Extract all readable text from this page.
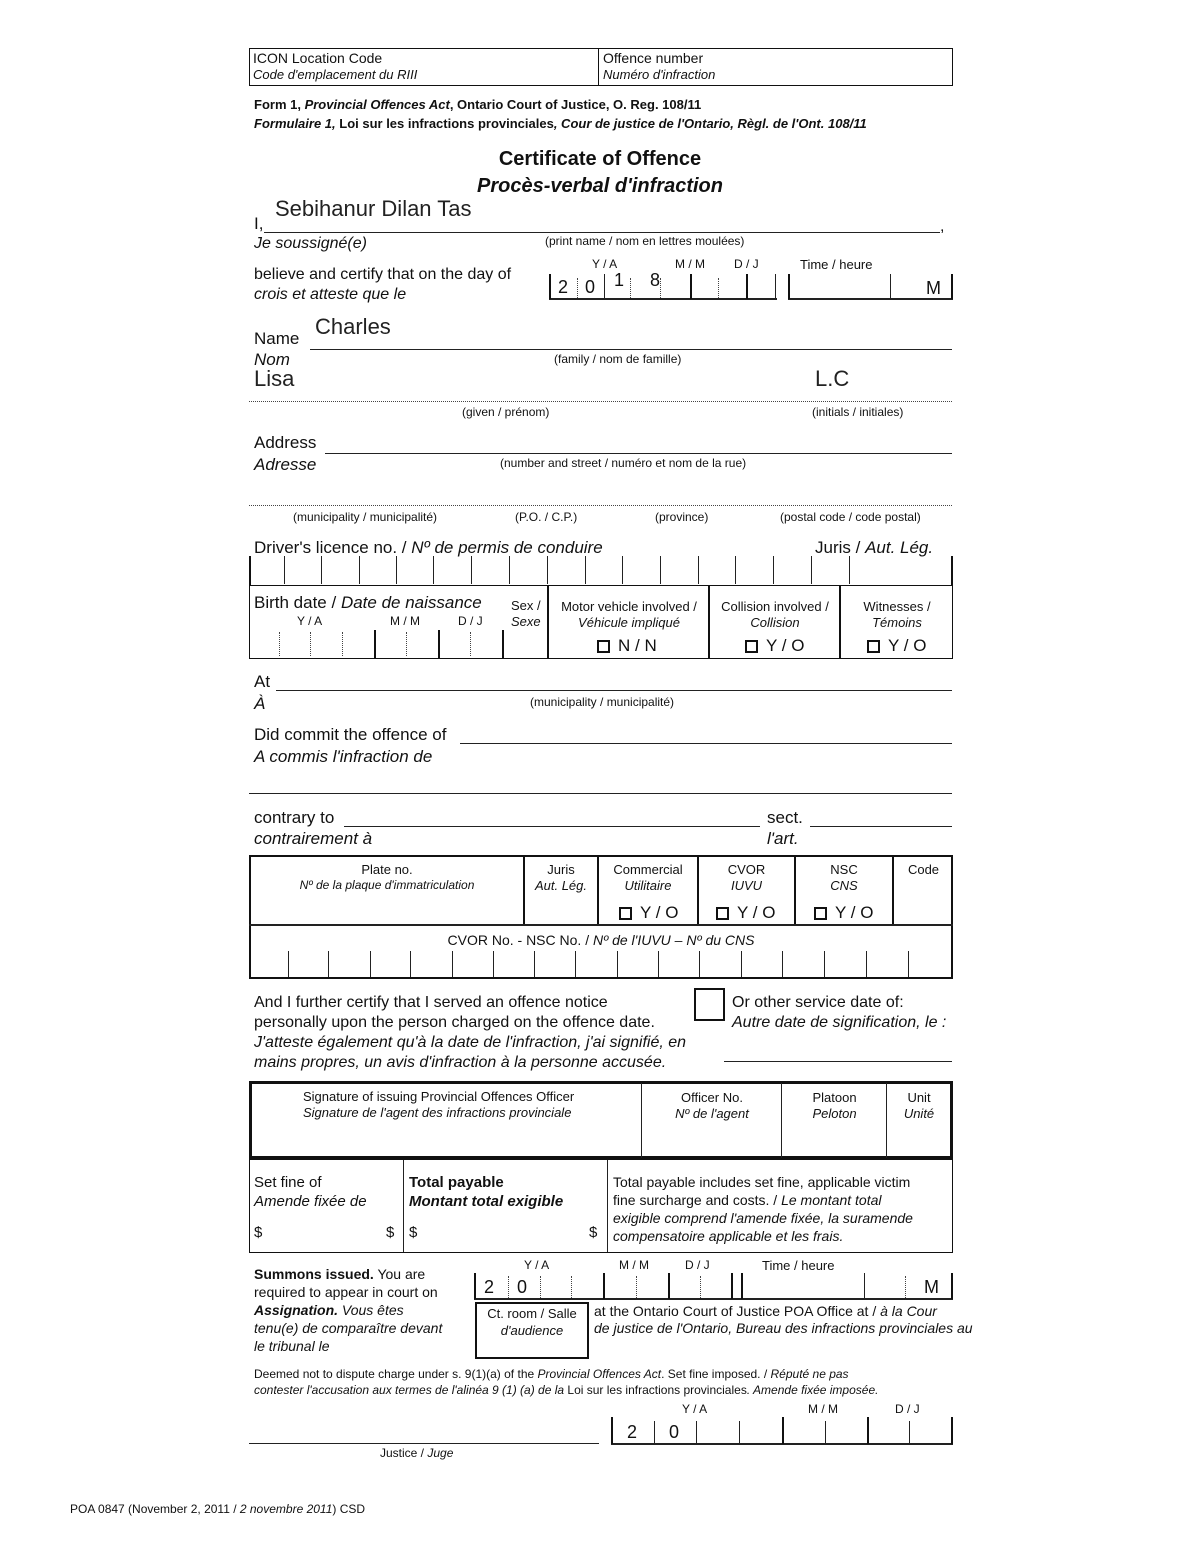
ICON Location Code
Code d'emplacement du RIII
Offence number
Numéro d'infraction
Form 1, Provincial Offences Act, Ontario Court of Justice, O. Reg. 108/11
Formulaire 1, Loi sur les infractions provinciales, Cour de justice de l'Ontario, Règl. de l'Ont. 108/11
Certificate of Offence
Procès-verbal d'infraction
I,
Sebihanur Dilan Tas
,
Je soussigné(e)	(print name / nom en lettres moulées)
believe and certify that on the day of
crois et atteste que le
Y / A	M / M D / J	Time / heure
2 0 1 8	M
Name
Nom
Charles
(family / nom de famille)
Lisa	L.C
(given / prénom)	(initials / initiales)
Address
Adresse	(number and street / numéro et nom de la rue)
(municipality / municipalité)	(P.O. / C.P.)	(province)	(postal code / code postal)
Driver's licence no. / Nº de permis de conduire	Juris / Aut. Lég.
Birth date / Date de naissance
Y / A	M / M	D / J
Sex /
Sexe
Motor vehicle involved /
Véhicule impliqué
N / N
Collision involved /
Collision
Y / O
Witnesses /
Témoins
Y / O
At
À	(municipality / municipalité)
Did commit the offence of
A commis l'infraction de
contrary to
contrairement à
sect.
l'art.
Plate no.
Nº de la plaque d'immatriculation
Juris
Aut. Lég.
Commercial
Utilitaire
Y / O
CVOR
IUVU
Y / O
NSC
CNS
Y / O
Code
CVOR No. - NSC No. / Nº de l'IUVU – Nº du CNS
And I further certify that I served an offence notice
personally upon the person charged on the offence date.
J'atteste également qu'à la date de l'infraction, j'ai signifié, en
mains propres, un avis d'infraction à la personne accusée.
Or other service date of:
Autre date de signification, le :
Signature of issuing Provincial Offences Officer
Signature de l'agent des infractions provinciale
Officer No.
Nº de l'agent
Platoon
Peloton
Unit
Unité
Set fine of
Amende fixée de
$	$
Total payable
Montant total exigible
$	$
Total payable includes set fine, applicable victim
fine surcharge and costs. / Le montant total
exigible comprend l'amende fixée, la suramende
compensatoire applicable et les frais.
Summons issued. You are
required to appear in court on
Assignation. Vous êtes
tenu(e) de comparaître devant
le tribunal le
Y / A	M / M	D / J	Time / heure
2 0	M
Ct. room / Salle
d'audience
at the Ontario Court of Justice POA Office at / à la Cour
de justice de l'Ontario, Bureau des infractions provinciales au
Deemed not to dispute charge under s. 9(1)(a) of the Provincial Offences Act. Set fine imposed. / Réputé ne pas
contester l'accusation aux termes de l'alinéa 9 (1) (a) de la Loi sur les infractions provinciales. Amende fixée imposée.
Y / A	M / M	D / J
2 0
Justice / Juge
POA 0847 (November 2, 2011 / 2 novembre 2011) CSD
